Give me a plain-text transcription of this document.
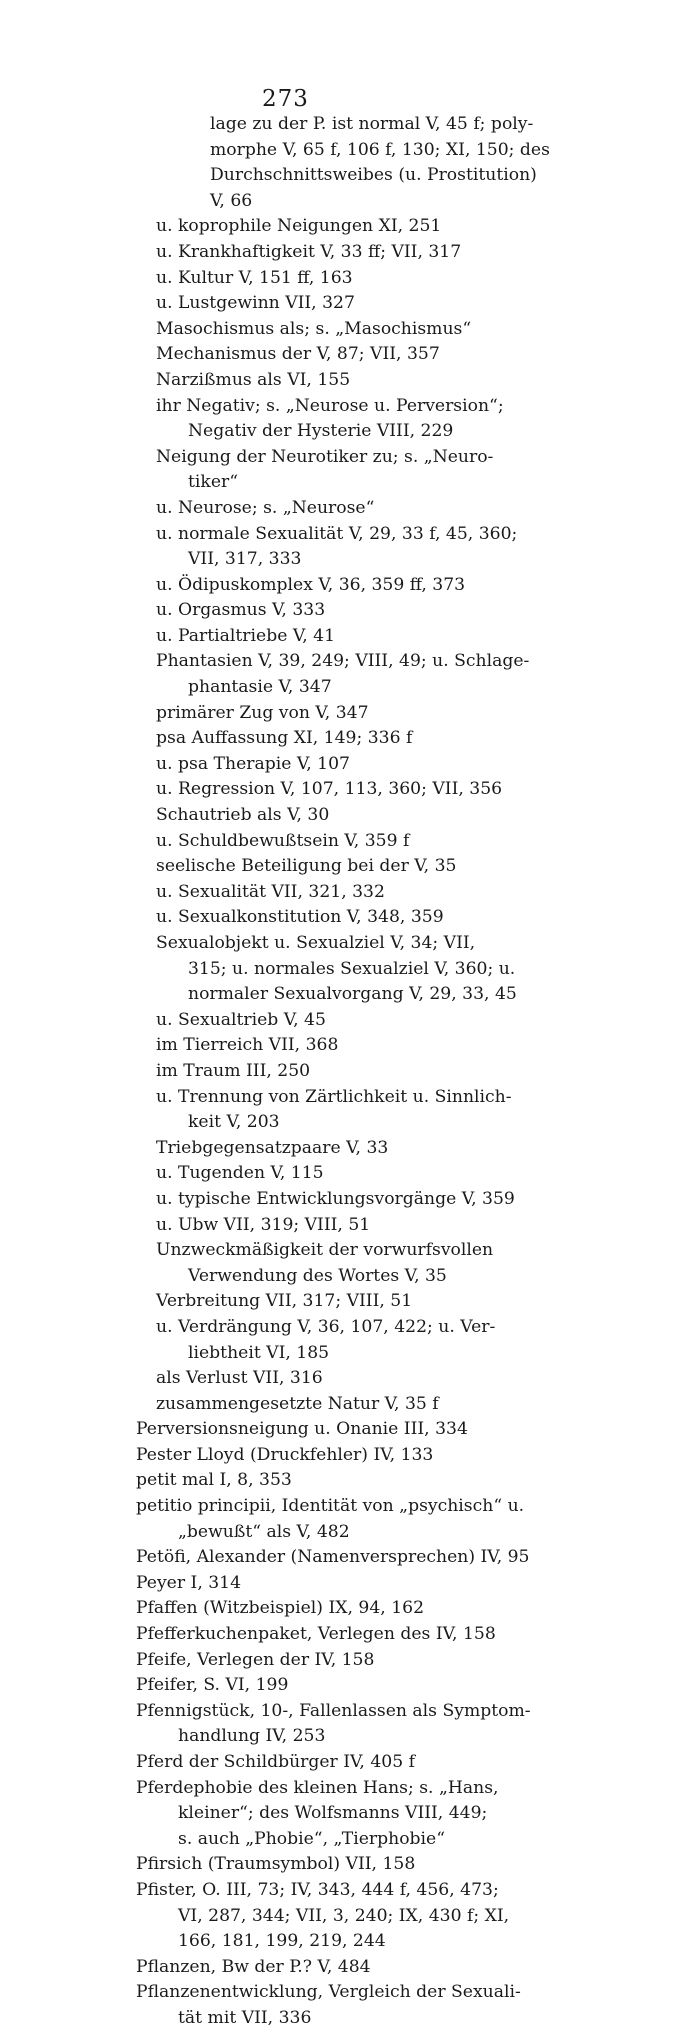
273
lage zu der P. ist normal V, 45 f; poly-
morphe V, 65 f, 106 f, 130; XI, 150; des
Durchschnittsweibes (u. Prostitution)
V, 66
u. koprophile Neigungen XI, 251
u. Krankhaftigkeit V, 33 ff; VII, 317
u. Kultur V, 151 ff, 163
u. Lustgewinn VII, 327
Masochismus als; s. „Masochismus“
Mechanismus der V, 87; VII, 357
Narzißmus als VI, 155
ihr Negativ; s. „Neurose u. Perversion“;
Negativ der Hysterie VIII, 229
Neigung der Neurotiker zu; s. „Neuro-
tiker“
u. Neurose; s. „Neurose“
u. normale Sexualität V, 29, 33 f, 45, 360;
VII, 317, 333
u. Ödipuskomplex V, 36, 359 ff, 373
u. Orgasmus V, 333
u. Partialtriebe V, 41
Phantasien V, 39, 249; VIII, 49; u. Schlage-
phantasie V, 347
primärer Zug von V, 347
psa Auffassung XI, 149; 336 f
u. psa Therapie V, 107
u. Regression V, 107, 113, 360; VII, 356
Schautrieb als V, 30
u. Schuldbewußtsein V, 359 f
seelische Beteiligung bei der V, 35
u. Sexualität VII, 321, 332
u. Sexualkonstitution V, 348, 359
Sexualobjekt u. Sexualziel V, 34; VII,
315; u. normales Sexualziel V, 360; u.
normaler Sexualvorgang V, 29, 33, 45
u. Sexualtrieb V, 45
im Tierreich VII, 368
im Traum III, 250
u. Trennung von Zärtlichkeit u. Sinnlich-
keit V, 203
Triebgegensatzpaare V, 33
u. Tugenden V, 115
u. typische Entwicklungsvorgänge V, 359
u. Ubw VII, 319; VIII, 51
Unzweckmäßigkeit der vorwurfsvollen
Verwendung des Wortes V, 35
Verbreitung VII, 317; VIII, 51
u. Verdrängung V, 36, 107, 422; u. Ver-
liebtheit VI, 185
als Verlust VII, 316
zusammengesetzte Natur V, 35 f
Perversionsneigung u. Onanie III, 334
Pester Lloyd (Druckfehler) IV, 133
petit mal I, 8, 353
petitio principii, Identität von „psychisch“ u.
„bewußt“ als V, 482
Petöfi, Alexander (Namenversprechen) IV, 95
Peyer I, 314
Pfaffen (Witzbeispiel) IX, 94, 162
Pfefferkuchenpaket, Verlegen des IV, 158
Pfeife, Verlegen der IV, 158
Pfeifer, S. VI, 199
Pfennigstück, 10-, Fallenlassen als Symptom-
handlung IV, 253
Pferd der Schildbürger IV, 405 f
Pferdephobie des kleinen Hans; s. „Hans,
kleiner“; des Wolfsmanns VIII, 449;
s. auch „Phobie“, „Tierphobie“
Pfirsich (Traumsymbol) VII, 158
Pfister, O. III, 73; IV, 343, 444 f, 456, 473;
VI, 287, 344; VII, 3, 240; IX, 430 f; XI,
166, 181, 199, 219, 244
Pflanzen, Bw der P.? V, 484
Pflanzenentwicklung, Vergleich der Sexuali-
tät mit VII, 336
